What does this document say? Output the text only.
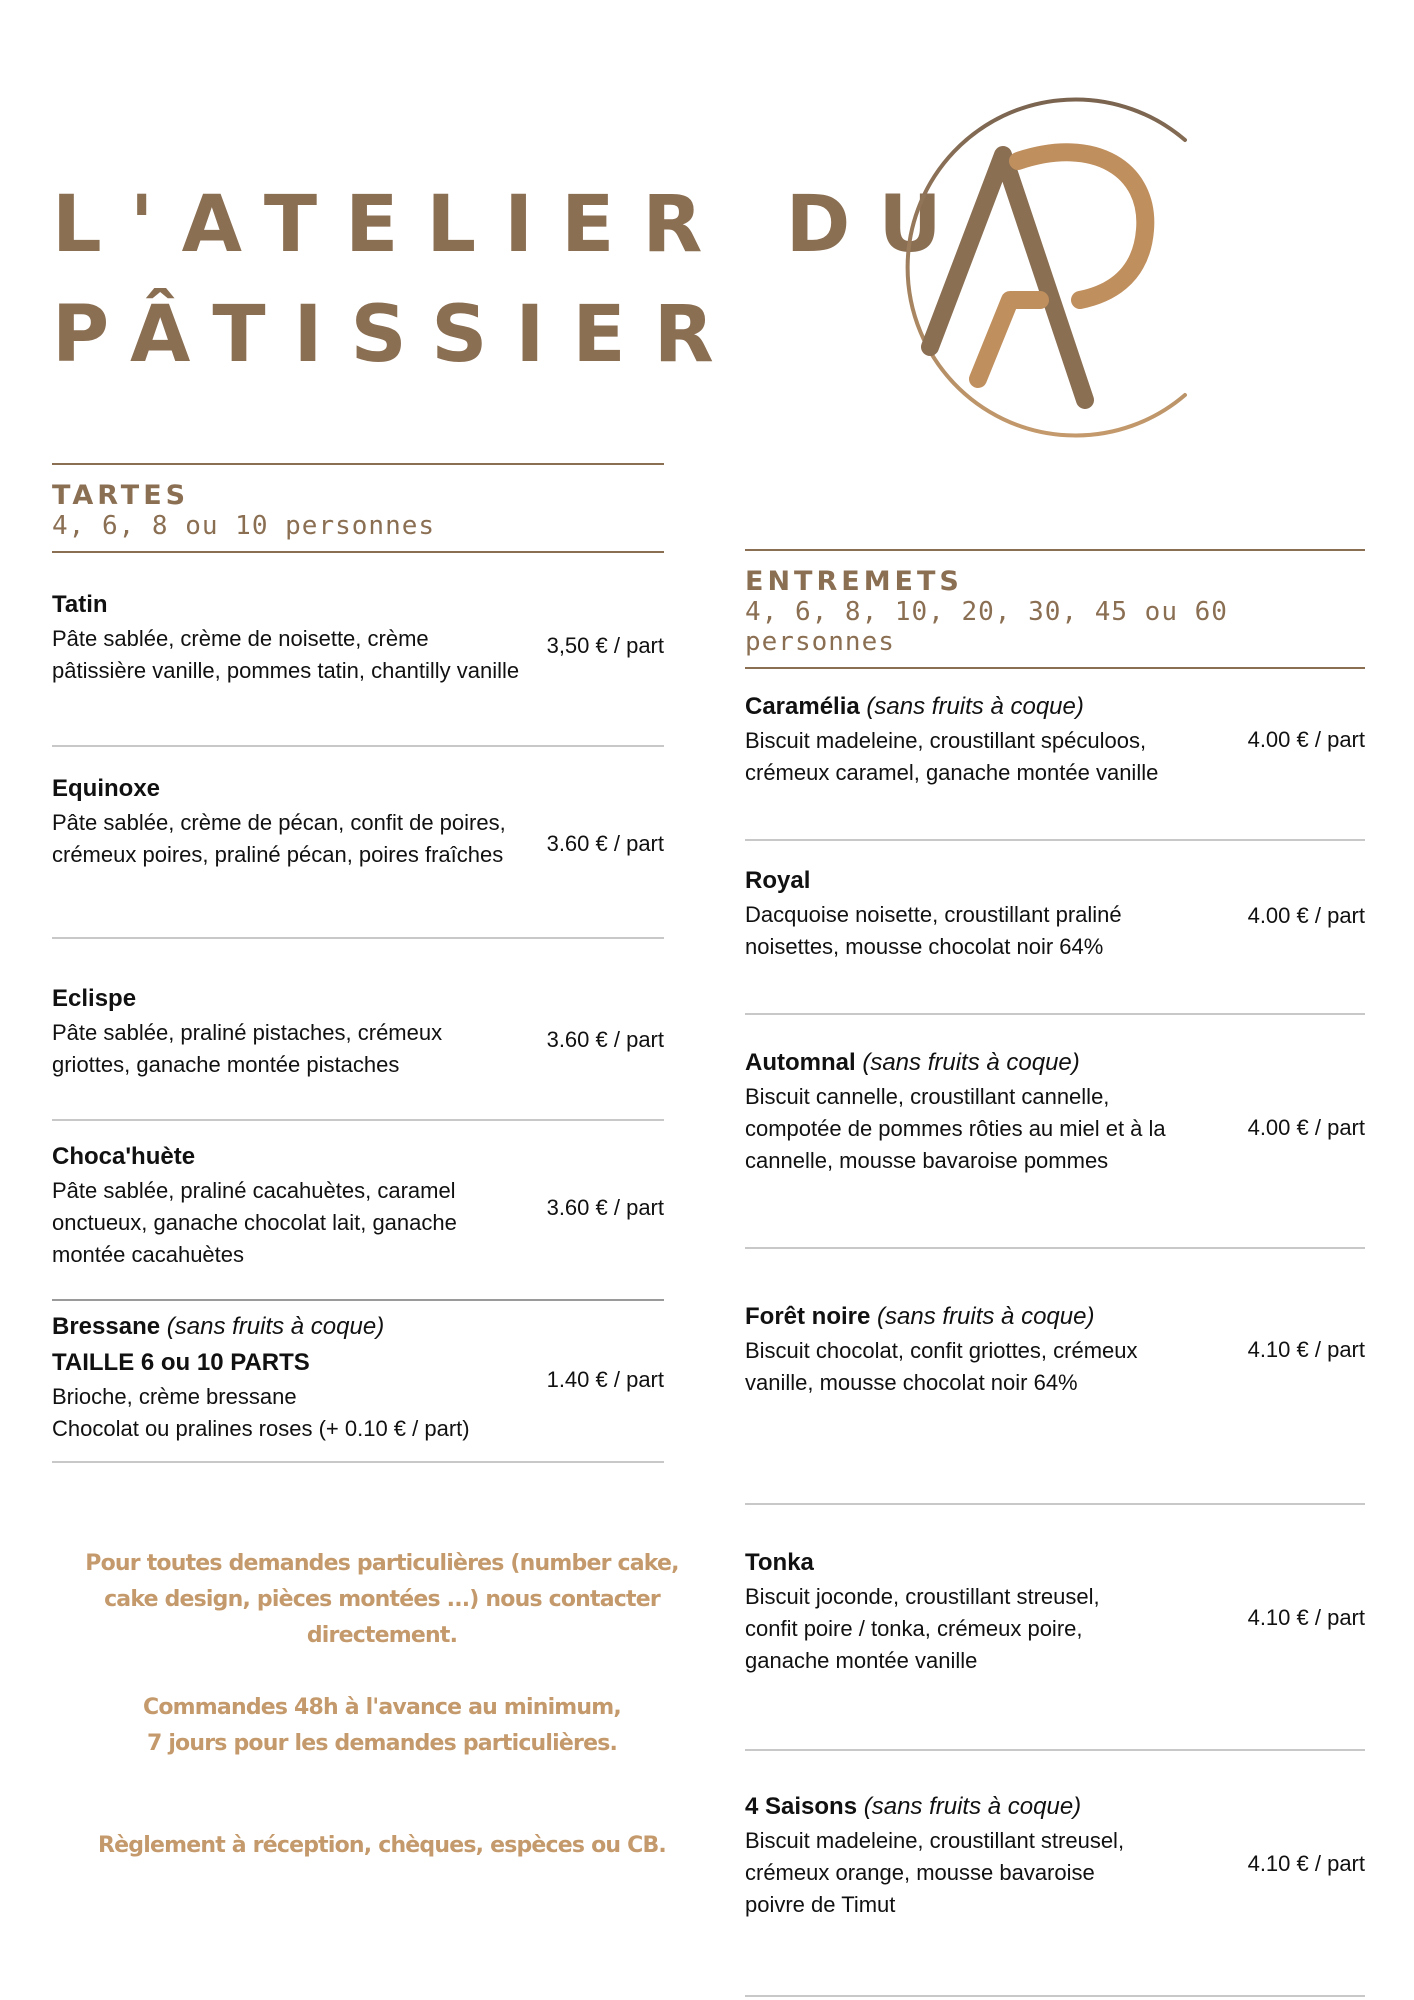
L'ATELIER DU
PÂTISSIER

TARTES

4, 6, 8 ou 10 personnes

Tatin

Pâte sablée, crème de noisette, crème pâtissière vanille, pommes tatin, chantilly vanille

3,50 € / part

Equinoxe

Pâte sablée, crème de pécan, confit de poires, crémeux poires, praliné pécan, poires fraîches	3.60 € / part

Eclispe

Pâte sablée, praliné pistaches, crémeux griottes, ganache montée pistaches

3.60 € / part

Choca'huète

Pâte sablée, praliné cacahuètes, caramel onctueux, ganache chocolat lait, ganache montée cacahuètes

3.60 € / part

Bressane (sans fruits à coque)

TAILLE 6 ou 10 PARTS

Brioche, crème bressane

Chocolat ou pralines roses (+ 0.10 € / part)

1.40 € / part

ENTREMETS

4, 6, 8, 10, 20, 30, 45 ou 60 personnes

Caramélia (sans fruits à coque)

Biscuit madeleine, croustillant spéculoos, crémeux caramel, ganache montée vanille

4.00 € / part

Royal

Dacquoise noisette, croustillant praliné noisettes, mousse chocolat noir 64%

4.00 € / part

Automnal (sans fruits à coque)

Biscuit cannelle, croustillant cannelle, compotée de pommes rôties au miel et à la cannelle, mousse bavaroise pommes

4.00 € / part

Forêt noire (sans fruits à coque)

Biscuit chocolat, confit griottes, crémeux vanille, mousse chocolat noir 64%

4.10 € / part

Tonka

Biscuit joconde, croustillant streusel, confit poire / tonka, crémeux poire, ganache montée vanille

4.10 € / part

4 Saisons (sans fruits à coque)

Biscuit madeleine, croustillant streusel, crémeux orange, mousse bavaroise poivre de Timut

4.10 € / part

Pour toutes demandes particulières (number cake, cake design, pièces montées ...) nous contacter directement.

Commandes 48h à l'avance au minimum,

7 jours pour les demandes particulières.

Règlement à réception, chèques, espèces ou CB.
